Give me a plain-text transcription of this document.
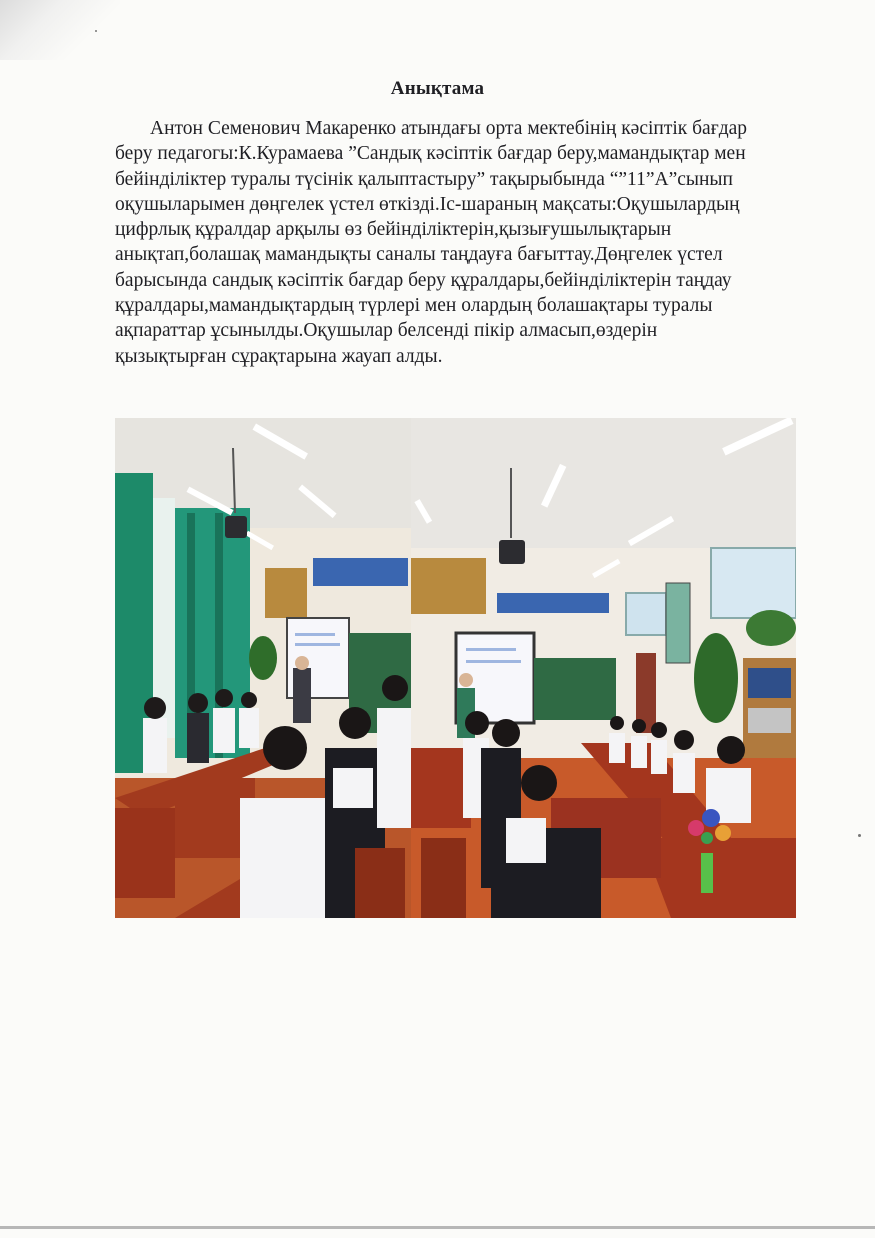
Анықтама
Антон Семенович Макаренко атындағы орта мектебінің кәсіптік бағдар
беру педагогы:К.Курамаева ”Сандық кәсіптік бағдар беру,мамандықтар мен
бейінділіктер туралы түсінік қалыптастыру” тақырыбында “”11”А”сынып
оқушыларымен дөңгелек үстел өткізді.Іс-шараның мақсаты:Оқушылардың
цифрлық құралдар арқылы өз бейінділіктерін,қызығушылықтарын
анықтап,болашақ мамандықты саналы таңдауға бағыттау.Дөңгелек үстел
барысында сандық кәсіптік бағдар беру құралдары,бейінділіктерін таңдау
құралдары,мамандықтардың түрлері мен олардың болашақтары туралы
ақпараттар ұсынылды.Оқушылар белсенді пікір алмасып,өздерін
қызықтырған сұрақтарына жауап алды.
